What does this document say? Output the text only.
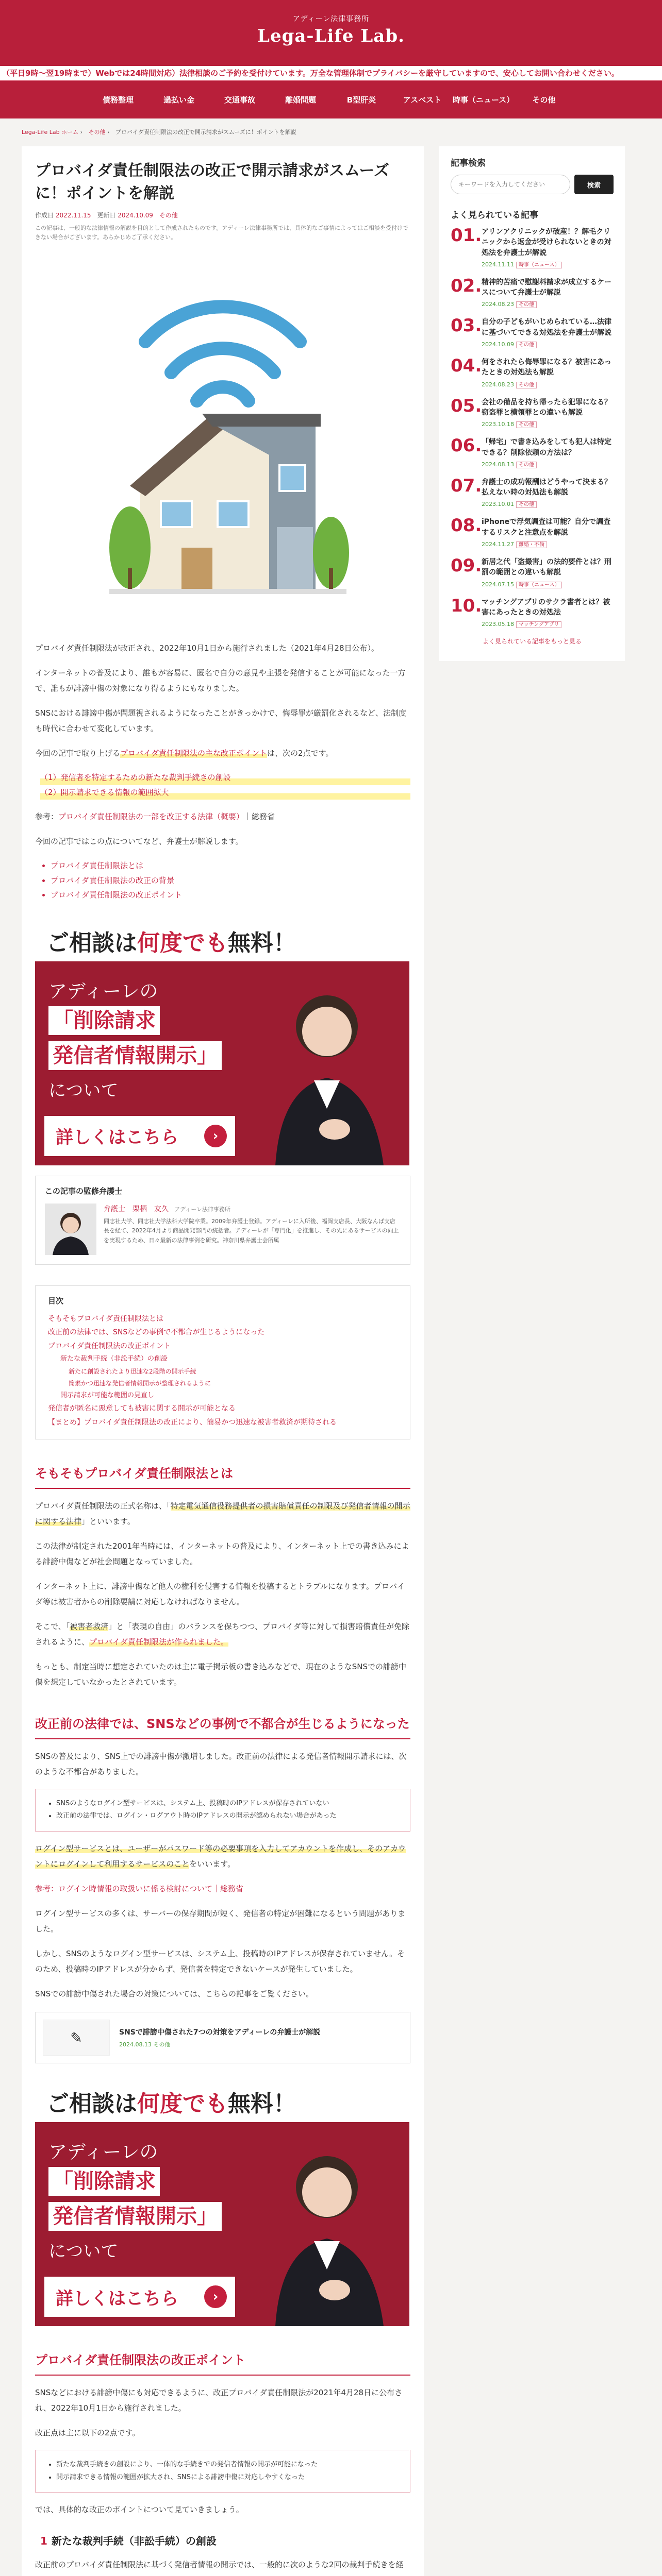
アディーレ法律事務所
Lega-Life Lab.
（平日9時～翌19時まで）Webでは24時間対応）法律相談のご予約を受付けています。万全な管理体制でプライバシーを厳守していますので、安心してお問い合わせください。
債務整理	過払い金	交通事故	離婚問題	B型肝炎	アスベスト	時事（ニュース）	その他
Lega-Life Lab ホーム › その他 › プロバイダ責任制限法の改正で開示請求がスムーズに！ポイントを解説
プロバイダ責任制限法の改正で開示請求がスムーズに！ポイントを解説
作成日 2022.11.15 更新日 2024.10.09 その他
この記事は、一般的な法律情報の解説を目的として作成されたものです。アディーレ法律事務所では、具体的なご事情によってはご相談を受付けできない場合がございます。あらかじめご了承ください。

プロバイダ責任制限法が改正され、2022年10月1日から施行されました（2021年4月28日公布）。

インターネットの普及により、誰もが容易に、匿名で自分の意見や主張を発信することが可能になった一方で、誰もが誹謗中傷の対象になり得るようにもなりました。

SNSにおける誹謗中傷が問題視されるようになったことがきっかけで、悔辱罪が厳罰化されるなど、法制度も時代に合わせて変化しています。

今回の記事で取り上げるプロバイダ責任制限法の主な改正ポイントは、次の2点です。

（1）発信者を特定するための新たな裁判手続きの創設
（2）開示請求できる情報の範囲拡大

参考：プロバイダ責任制限法の一部を改正する法律（概要）｜総務省

今回の記事ではこの点についてなど、弁護士が解説します。

• プロバイダ責任制限法とは
• プロバイダ責任制限法の改正の背景
• プロバイダ責任制限法の改正ポイント
ご相談は何度でも無料！
アディーレの
「削除請求
発信者情報開示」
について
詳しくはこちら	›
この記事の監修弁護士
弁護士　栗栖　友久 アディーレ法律事務所
同志社大学、同志社大学法科大学院卒業。2009年弁護士登録。アディーレに入所後、福岡支店長、大阪なんば支店長を経て、2022年4月より商品開発部門の統括者。アディーレが「専門化」を推進し、その先にあるサービスの向上を実現するため、日々最新の法律事例を研究。神奈川県弁護士会所属
目次
そもそもプロバイダ責任制限法とは
改正前の法律では、SNSなどの事例で不都合が生じるようになった
プロバイダ責任制限法の改正ポイント
新たな裁判手続（非訟手続）の創設
新たに創設されたより迅速な2段階の開示手続
簡素かつ迅速な発信者情報開示が整理されるように
開示請求が可能な範囲の見直し
発信者が匿名に悪意しても被害に関する開示が可能となる
【まとめ】プロバイダ責任制限法の改正により、簡易かつ迅速な被害者救済が期待される
そもそもプロバイダ責任制限法とは

プロバイダ責任制限法の正式名称は、「特定電気通信役務提供者の損害賠償責任の制限及び発信者情報の開示に関する法律」といいます。

この法律が制定された2001年当時には、インターネットの普及により、インターネット上での書き込みによる誹謗中傷などが社会問題となっていました。

インターネット上に、誹謗中傷など他人の権利を侵害する情報を投稿するとトラブルになります。プロバイダ等は被害者からの削除要請に対応しなければなりません。

そこで、「被害者救済」と「表現の自由」のバランスを保ちつつ、プロバイダ等に対して損害賠償責任が免除されるように、プロバイダ責任制限法が作られました。

もっとも、制定当時に想定されていたのは主に電子掲示板の書き込みなどで、現在のようなSNSでの誹謗中傷を想定していなかったとされています。

改正前の法律では、SNSなどの事例で不都合が生じるようになった

SNSの普及により、SNS上での誹謗中傷が激増しました。改正前の法律による発信者情報開示請求には、次のような不都合がありました。

• SNSのようなログイン型サービスは、システム上、投稿時のIPアドレスが保存されていない
• 改正前の法律では、ログイン・ログアウト時のIPアドレスの開示が認められない場合があった

ログイン型サービスとは、ユーザーがパスワード等の必要事項を入力してアカウントを作成し、そのアカウントにログインして利用するサービスのことをいいます。

参考：ログイン時情報の取扱いに係る検討について｜総務省

ログイン型サービスの多くは、サーバーの保存期間が短く、発信者の特定が困難になるという問題がありました。

しかし、SNSのようなログイン型サービスは、システム上、投稿時のIPアドレスが保存されていません。そのため、投稿時のIPアドレスが分からず、発信者を特定できないケースが発生していました。

SNSでの誹謗中傷された場合の対策については、こちらの記事をご覧ください。

✎	SNSで誹謗中傷された7つの対策をアディーレの弁護士が解説
2024.08.13 その他
ご相談は何度でも無料！
アディーレの
「削除請求
発信者情報開示」
について
詳しくはこちら	›
プロバイダ責任制限法の改正ポイント

SNSなどにおける誹謗中傷にも対応できるように、改正プロバイダ責任制限法が2021年4月28日に公布され、2022年10月1日から施行されました。

改正点は主に以下の2点です。

• 新たな裁判手続きの創設により、一体的な手続きでの発信者情報の開示が可能になった
• 開示請求できる情報の範囲が拡大され、SNSによる誹謗中傷に対応しやすくなった

では、具体的な改正のポイントについて見ていきましょう。

1 新たな裁判手続（非訟手続）の創設

改正前のプロバイダ責任制限法に基づく発信者情報の開示では、一般的に次のような2回の裁判手続きを経

記事検索
キーワードを入力してください
検索
よく見られている記事
01. アリンアクリニックが破産！？解毛クリニックから返金が受けられないときの対処法を弁護士が解説
2024.11.11 時事（ニュース）
02. 精神的苦痛で慰謝料請求が成立するケースについて弁護士が解説
2024.08.23 その他
03. 自分の子どもがいじめられている…法律に基づいてできる対処法を弁護士が解説
2024.10.09 その他
04. 何をされたら侮辱罪になる？被害にあったときの対処法も解説
2024.08.23 その他
05. 会社の備品を持ち帰ったら犯罪になる？窃盗罪と横領罪との違いも解説
2023.10.18 その他
06. 「帰宅」で書き込みをしても犯人は特定できる？削除依頼の方法は？
2024.08.13 その他
07. 弁護士の成功報酬はどうやって決まる？払えない時の対処法も解説
2023.10.01 その他
08. iPhoneで浮気調査は可能？自分で調査するリスクと注意点を解説
2024.11.27 離婚・不倫
09. 新居之代「盗撮害」の法的要件とは？刑罰の範囲との違いも解説
2024.07.15 時事（ニュース）
10. マッチングアプリのサクラ書者とは？被害にあったときの対処法
2023.05.18 マッチングアプリ
よく見られている記事をもっと見る
